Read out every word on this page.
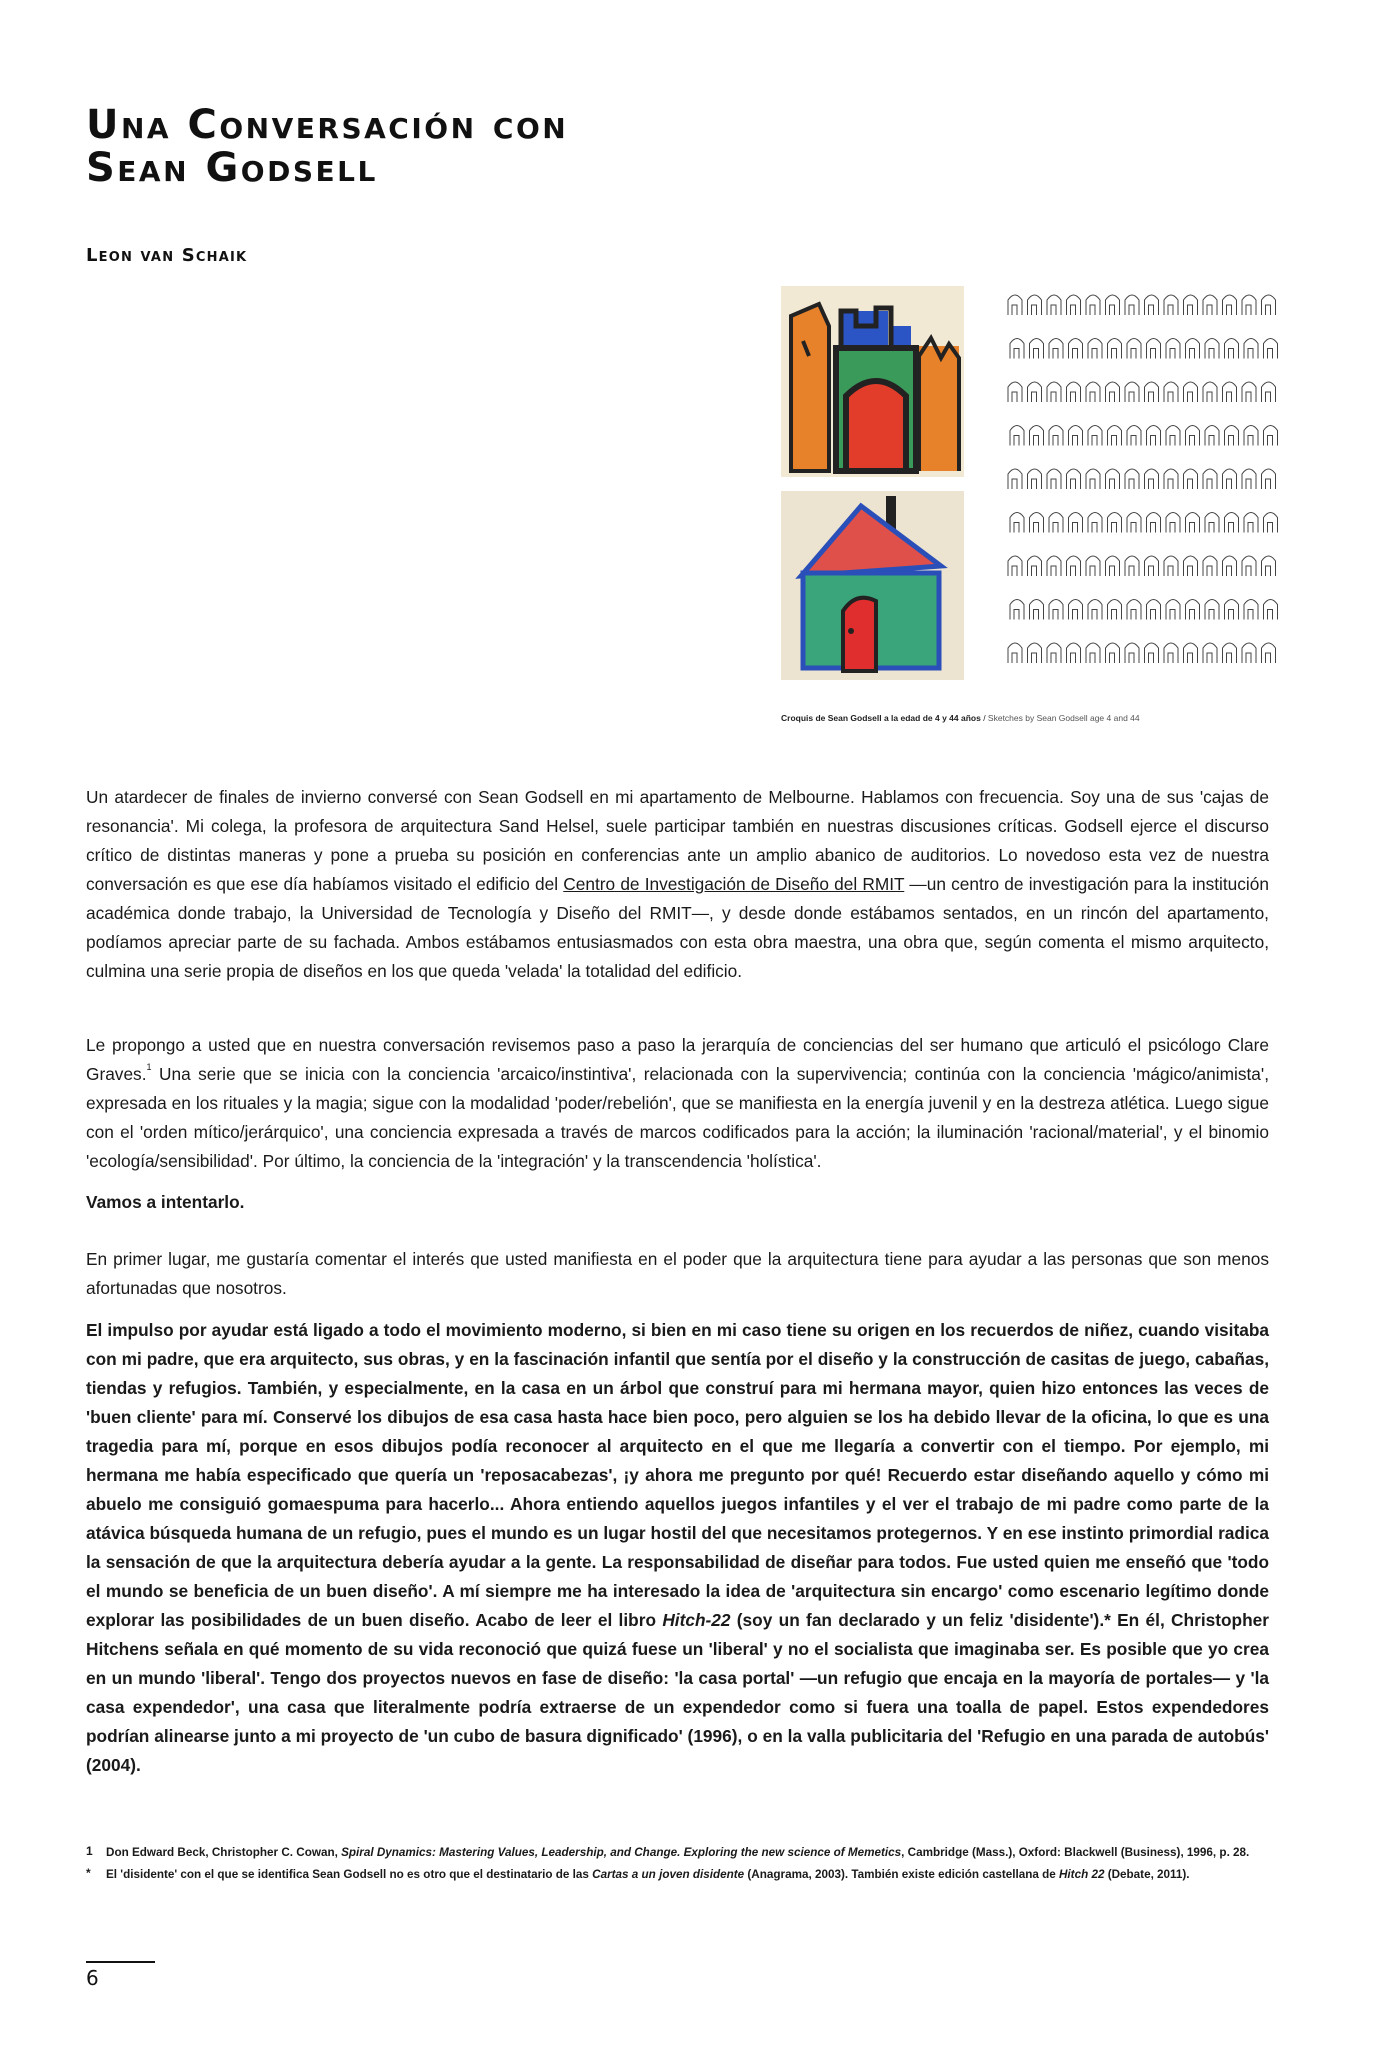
Una Conversación con
Sean Godsell

Leon van Schaik

Croquis de Sean Godsell a la edad de 4 y 44 años / Sketches by Sean Godsell age 4 and 44

Un atardecer de finales de invierno conversé con Sean Godsell en mi apartamento de Melbourne. Hablamos con frecuencia. Soy una de sus 'cajas de resonancia'. Mi colega, la profesora de arquitectura Sand Helsel, suele participar también en nuestras discusiones críticas. Godsell ejerce el discurso crítico de distintas maneras y pone a prueba su posición en conferencias ante un amplio abanico de auditorios. Lo novedoso esta vez de nuestra conversación es que ese día habíamos visitado el edificio del Centro de Investigación de Diseño del RMIT —un centro de investigación para la institución académica donde trabajo, la Universidad de Tecnología y Diseño del RMIT—, y desde donde estábamos sentados, en un rincón del apartamento, podíamos apreciar parte de su fachada. Ambos estábamos entusiasmados con esta obra maestra, una obra que, según comenta el mismo arquitecto, culmina una serie propia de diseños en los que queda 'velada' la totalidad del edificio.

Le propongo a usted que en nuestra conversación revisemos paso a paso la jerarquía de conciencias del ser humano que articuló el psicólogo Clare Graves.$^1$ Una serie que se inicia con la conciencia 'arcaico/instintiva', relacionada con la supervivencia; continúa con la conciencia 'mágico/animista', expresada en los rituales y la magia; sigue con la modalidad 'poder/rebelión', que se manifiesta en la energía juvenil y en la destreza atlética. Luego sigue con el 'orden mítico/jerárquico', una conciencia expresada a través de marcos codificados para la acción; la iluminación 'racional/material', y el binomio 'ecología/sensibilidad'. Por último, la conciencia de la 'integración' y la transcendencia 'holística'.

Vamos a intentarlo.

En primer lugar, me gustaría comentar el interés que usted manifiesta en el poder que la arquitectura tiene para ayudar a las personas que son menos afortunadas que nosotros.

El impulso por ayudar está ligado a todo el movimiento moderno, si bien en mi caso tiene su origen en los recuerdos de niñez, cuando visitaba con mi padre, que era arquitecto, sus obras, y en la fascinación infantil que sentía por el diseño y la construcción de casitas de juego, cabañas, tiendas y refugios. También, y especialmente, en la casa en un árbol que construí para mi hermana mayor, quien hizo entonces las veces de 'buen cliente' para mí. Conservé los dibujos de esa casa hasta hace bien poco, pero alguien se los ha debido llevar de la oficina, lo que es una tragedia para mí, porque en esos dibujos podía reconocer al arquitecto en el que me llegaría a convertir con el tiempo. Por ejemplo, mi hermana me había especificado que quería un 'reposacabezas', ¡y ahora me pregunto por qué! Recuerdo estar diseñando aquello y cómo mi abuelo me consiguió gomaespuma para hacerlo... Ahora entiendo aquellos juegos infantiles y el ver el trabajo de mi padre como parte de la atávica búsqueda humana de un refugio, pues el mundo es un lugar hostil del que necesitamos protegernos. Y en ese instinto primordial radica la sensación de que la arquitectura debería ayudar a la gente. La responsabilidad de diseñar para todos. Fue usted quien me enseñó que 'todo el mundo se beneficia de un buen diseño'. A mí siempre me ha interesado la idea de 'arquitectura sin encargo' como escenario legítimo donde explorar las posibilidades de un buen diseño. Acabo de leer el libro Hitch-22 (soy un fan declarado y un feliz 'disidente').* En él, Christopher Hitchens señala en qué momento de su vida reconoció que quizá fuese un 'liberal' y no el socialista que imaginaba ser. Es posible que yo crea en un mundo 'liberal'. Tengo dos proyectos nuevos en fase de diseño: 'la casa portal' —un refugio que encaja en la mayoría de portales— y 'la casa expendedor', una casa que literalmente podría extraerse de un expendedor como si fuera una toalla de papel. Estos expendedores podrían alinearse junto a mi proyecto de 'un cubo de basura dignificado' (1996), o en la valla publicitaria del 'Refugio en una parada de autobús' (2004).

1 Don Edward Beck, Christopher C. Cowan, Spiral Dynamics: Mastering Values, Leadership, and Change. Exploring the new science of Memetics, Cambridge (Mass.), Oxford: Blackwell (Business), 1996, p. 28.

* El 'disidente' con el que se identifica Sean Godsell no es otro que el destinatario de las Cartas a un joven disidente (Anagrama, 2003). También existe edición castellana de Hitch 22 (Debate, 2011).

6
